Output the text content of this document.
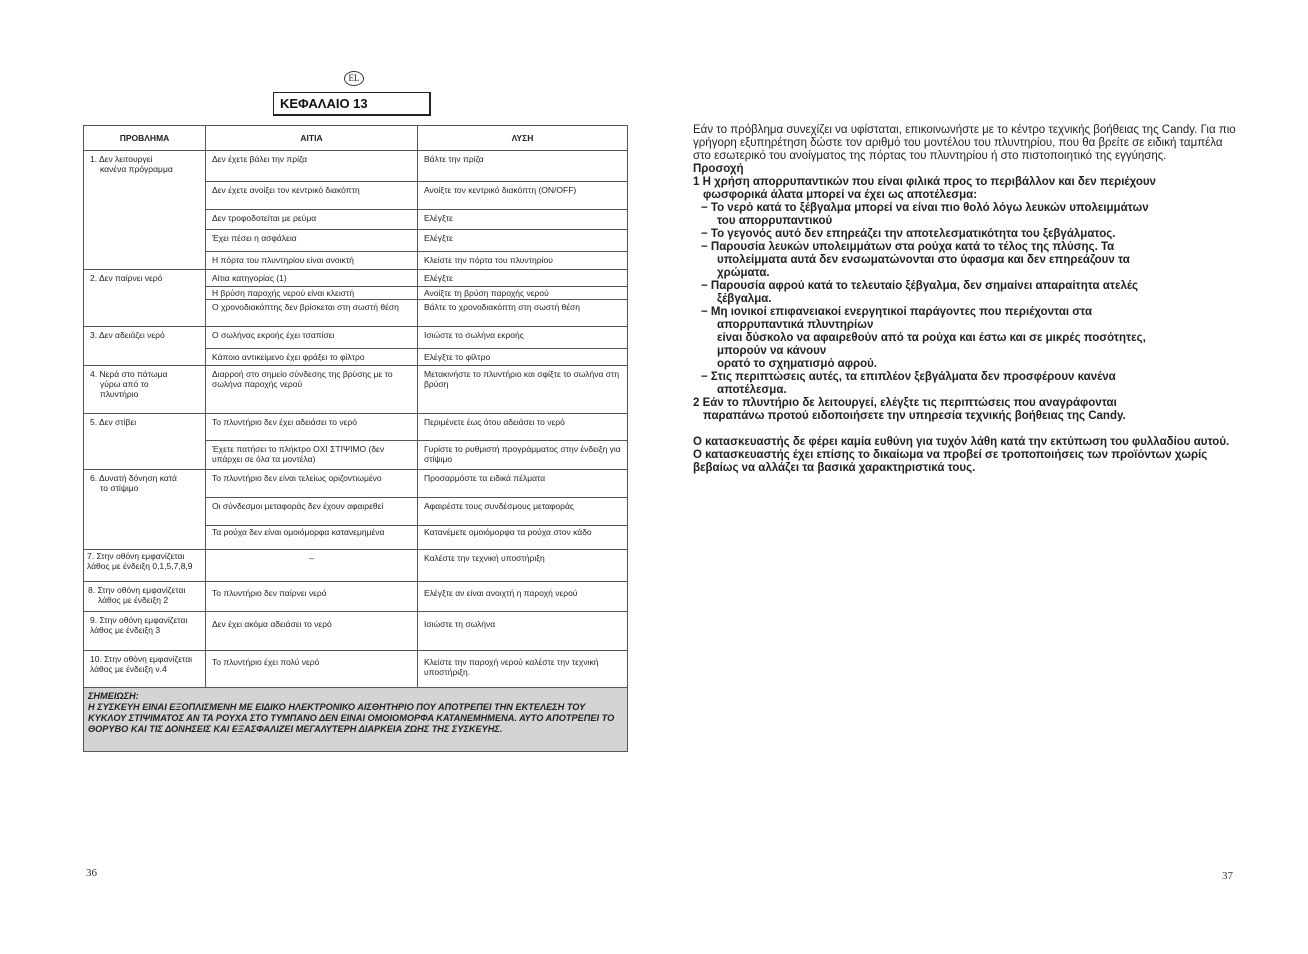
EL
ΚΕΦΑΛΑΙΟ 13
ΠΡΟΒΛΗΜΑ	ΑΙΤΙΑ	ΛΥΣΗ
1. Δεν λειτουργεί
κανένα πρόγραμμα	Δεν έχετε βάλει την πρίζα	Βάλτε την πρίζα
	Δεν έχετε ανοίξει τον κεντρικό διακόπτη	Ανοίξτε τον κεντρικό διακόπτη (ON/OFF)
	Δεν τροφοδοτείται με ρεύμα	Ελέγξτε
	Έχει πέσει η ασφάλεια	Ελέγξτε
	Η πόρτα του πλυντηρίου είναι ανοικτή	Κλείστε την πόρτα του πλυντηρίου
2. Δεν παίρνει νερό	Αίτια κατηγορίας (1)	Ελέγξτε
	Η βρύση παροχής νερού είναι κλειστή	Ανοίξτε τη βρύση παροχής νερού
	Ο χρονοδιακόπτης δεν βρίσκεται στη σωστή θέση	Βάλτε το χρονοδιακόπτη στη σωστή θέση
3. Δεν αδειάζει νερό	Ο σωλήνας εκροής έχει τσαπίσει	Ισιώστε το σωλήνα εκροής
	Κάποιο αντικείμενο έχει φράξει το φίλτρο	Ελέγξτε το φίλτρο
4. Νερά στο πάτωμα
γύρω από το
πλυντήριο	Διαρροή στο σημείο σύνδεσης της βρύσης με το σωλήνα παροχής νερού	Μετακινήστε το πλυντήριο και σφίξτε το σωλήνα στη βρύση
5. Δεν στίβει	Το πλυντήριο δεν έχει αδειάσει το νερό	Περιμένετε έως ότου αδειάσει το νερό
	Έχετε πατήσει το πλήκτρο ΟΧΙ ΣΤΙΨΙΜΟ (δεν υπάρχει σε όλα τα μοντέλα)	Γυρίστε το ρυθμιστή προγράμματος στην ένδειξη για στίψιμο
6. Δυνατή δόνηση κατά
το στίψιμο	Το πλυντήριο δεν είναι τελείως οριζοντιωμένο	Προσαρμόστε τα ειδικά πέλματα
	Οι σύνδεσμοι μεταφοράς δεν έχουν αφαιρεθεί	Αφαιρέστε τους συνδέσμους μεταφοράς
	Τα ρούχα δεν είναι ομοιόμορφα κατανεμημένα	Κατανέμετε ομοιόμορφα τα ρούχα στον κάδο
7. Στην οθόνη εμφανίζεται λάθος με ένδειξη 0,1,5,7,8,9	–	Καλέστε την τεχνική υποστήριξη
8. Στην οθόνη εμφανίζεται
λάθος με ένδειξη 2	Το πλυντήριο δεν παίρνει νερό	Ελέγξτε αν είναι ανοιχτή η παροχή νερού
9. Στην οθόνη εμφανίζεται λάθος με ένδειξη 3	Δεν έχει ακόμα αδειάσει το νερό	Ισιώστε τη σωλήνα
10. Στην οθόνη εμφανίζεται λάθος με ένδειξη ν.4	Το πλυντήριο έχει πολύ νερό	Κλείστε την παροχή νερού καλέστε την τεχνική υποστήριξη.

ΣΗΜΕΙΩΣΗ:
Η ΣΥΣΚΕΥΗ ΕΙΝΑΙ ΕΞΟΠΛΙΣΜΕΝΗ ΜΕ ΕΙΔΙΚΟ ΗΛΕΚΤΡΟΝΙΚΟ ΑΙΣΘΗΤΗΡΙΟ ΠΟΥ ΑΠΟΤΡΕΠΕΙ ΤΗΝ ΕΚΤΕΛΕΣΗ ΤΟΥ ΚΥΚΛΟΥ ΣΤΙΨΙΜΑΤΟΣ ΑΝ ΤΑ ΡΟΥΧΑ ΣΤΟ ΤΥΜΠΑΝΟ ΔΕΝ ΕΙΝΑΙ ΟΜΟΙΟΜΟΡΦΑ ΚΑΤΑΝΕΜΗΜΕΝΑ. ΑΥΤΟ ΑΠΟΤΡΕΠΕΙ ΤΟ ΘΟΡΥΒΟ ΚΑΙ ΤΙΣ ΔΟΝΗΣΕΙΣ ΚΑΙ ΕΞΑΣΦΑΛΙΖΕΙ ΜΕΓΑΛΥΤΕΡΗ ΔΙΑΡΚΕΙΑ ΖΩΗΣ ΤΗΣ ΣΥΣΚΕΥΗΣ.		
Εάν το πρόβλημα συνεχίζει να υφίσταται, επικοινωνήστε με το κέντρο τεχνικής βοήθειας της Candy. Για πιο γρήγορη εξυπηρέτηση δώστε τον αριθμό του μοντέλου του πλυντηρίου, που θα βρείτε σε ειδική ταμπέλα στο εσωτερικό του ανοίγματος της πόρτας του πλυντηρίου ή στο πιστοποιητικό της εγγύησης.
Προσοχή
1 Η χρήση απορρυπαντικών που είναι φιλικά προς το περιβάλλον και δεν περιέχουν
φωσφορικά άλατα μπορεί να έχει ως αποτέλεσμα:
− Το νερό κατά το ξέβγαλμα μπορεί να είναι πιο θολό λόγω λευκών υπολειμμάτων
του απορρυπαντικού
− Το γεγονός αυτό δεν επηρεάζει την αποτελεσματικότητα του ξεβγάλματος.
− Παρουσία λευκών υπολειμμάτων στα ρούχα κατά το τέλος της πλύσης. Τα
υπολείμματα αυτά δεν ενσωματώνονται στο ύφασμα και δεν επηρεάζουν τα
χρώματα.
− Παρουσία αφρού κατά το τελευταίο ξέβγαλμα, δεν σημαίνει απαραίτητα ατελές
ξέβγαλμα.
− Μη ιονικοί επιφανειακοί ενεργητικοί παράγοντες που περιέχονται στα
απορρυπαντικά πλυντηρίων
είναι δύσκολο να αφαιρεθούν από τα ρούχα και έστω και σε μικρές ποσότητες,
μπορούν να κάνουν
ορατό το σχηματισμό αφρού.
− Στις περιπτώσεις αυτές, τα επιπλέον ξεβγάλματα δεν προσφέρουν κανένα
αποτέλεσμα.
2 Εάν το πλυντήριο δε λειτουργεί, ελέγξτε τις περιπτώσεις που αναγράφονται
παραπάνω προτού ειδοποιήσετε την υπηρεσία τεχνικής βοήθειας της Candy.
Ο κατασκευαστής δε φέρει καμία ευθύνη για τυχόν λάθη κατά την εκτύπωση του φυλλαδίου αυτού. Ο κατασκευαστής έχει επίσης το δικαίωμα να προβεί σε τροποποιήσεις των προϊόντων χωρίς βεβαίως να αλλάζει τα βασικά χαρακτηριστικά τους.
36	37
